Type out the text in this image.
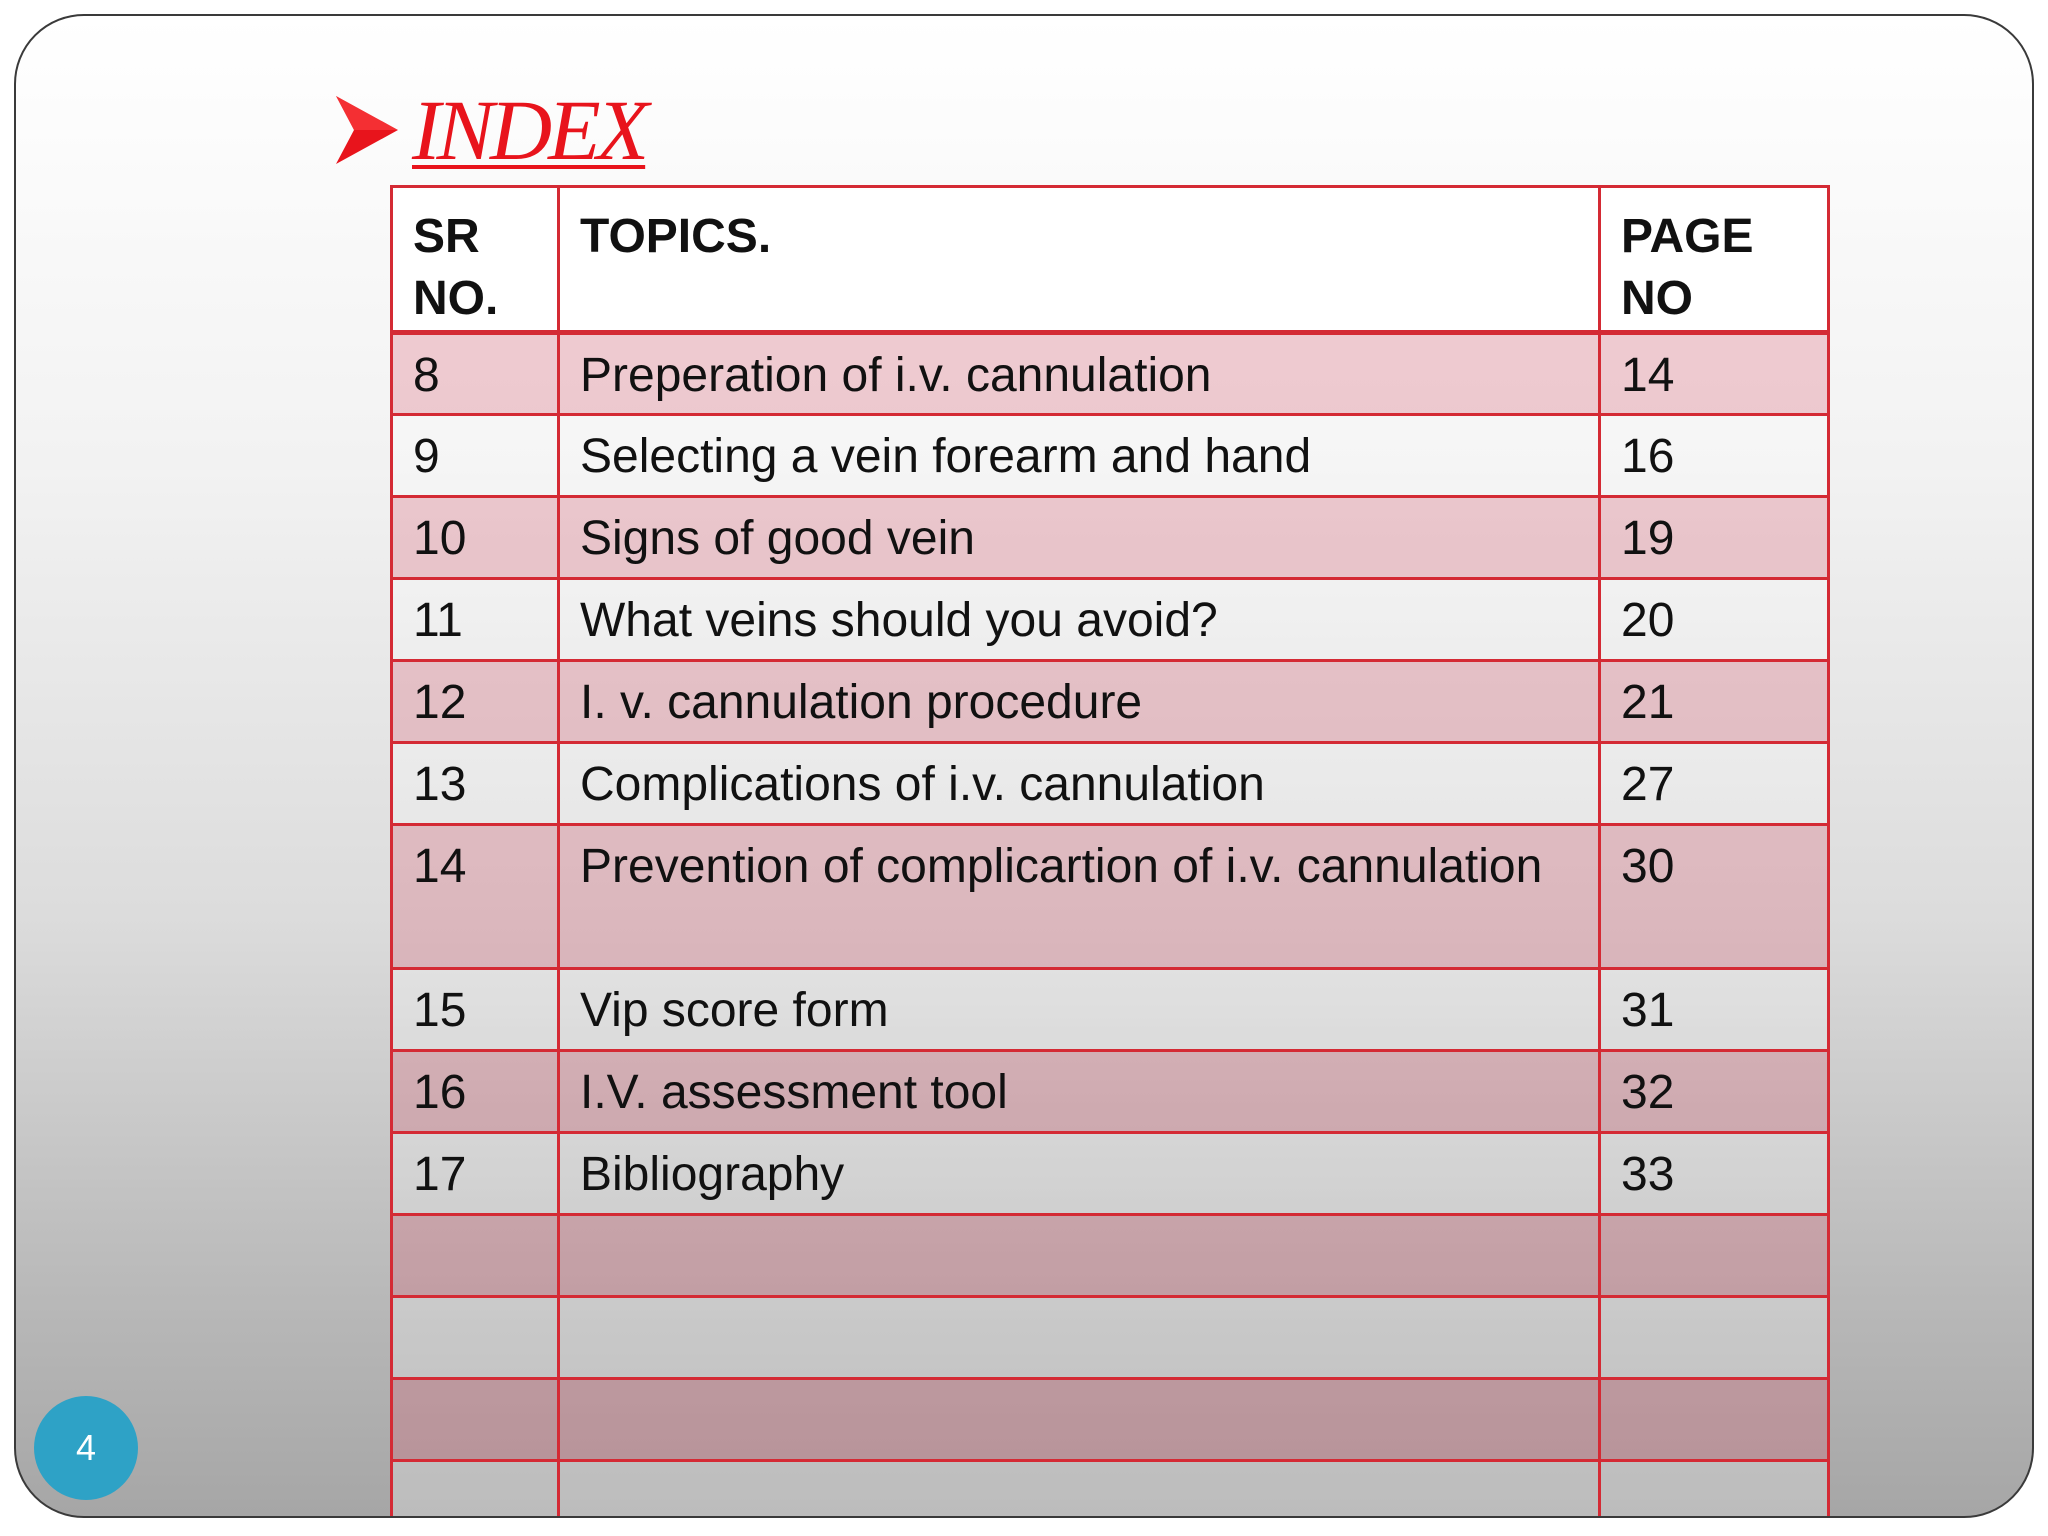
INDEX
SR NO.	TOPICS.	PAGE NO
8	Preperation of i.v. cannulation	14
9	Selecting a vein forearm and hand	16
10	Signs of good vein	19
11	What veins should you avoid?	20
12	I. v. cannulation procedure	21
13	Complications of i.v. cannulation	27
14	Prevention of complicartion of i.v. cannulation	30
15	Vip score form	31
16	I.V. assessment tool	32
17	Bibliography	33

4
